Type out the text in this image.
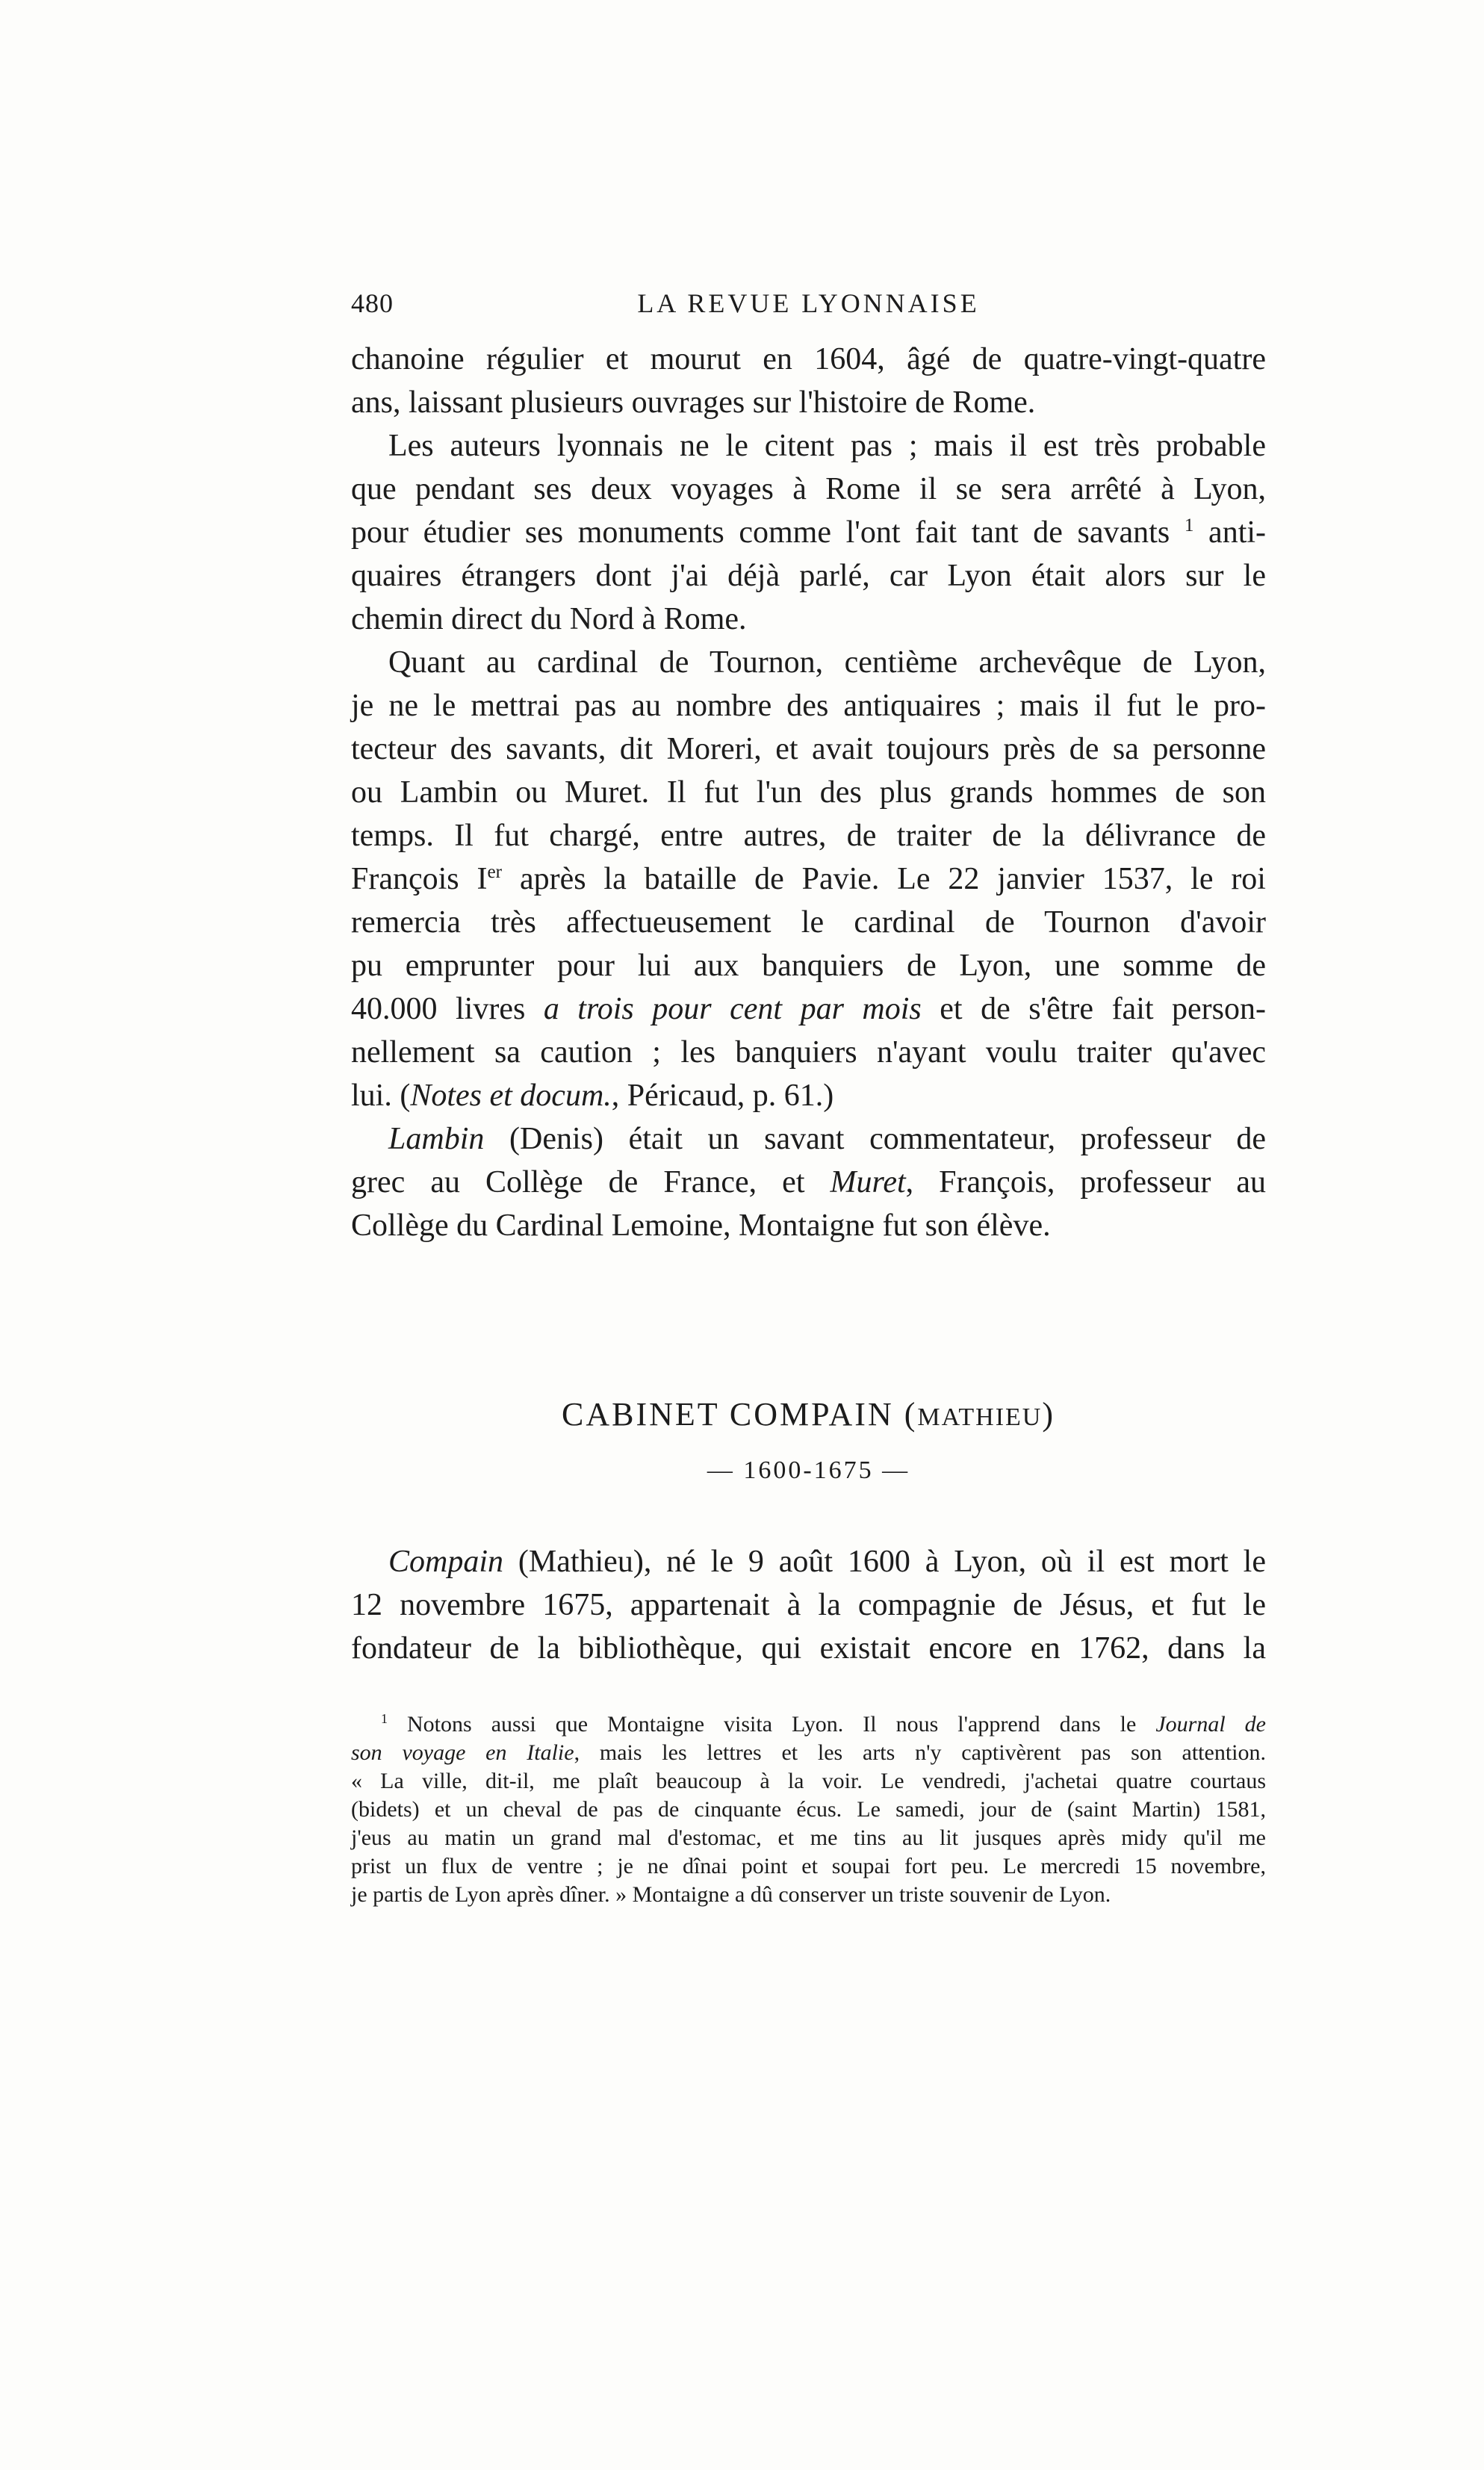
480	LA REVUE LYONNAISE
chanoine régulier et mourut en 1604, âgé de quatre-vingt-quatre
ans, laissant plusieurs ouvrages sur l'histoire de Rome.
Les auteurs lyonnais ne le citent pas ; mais il est très probable
que pendant ses deux voyages à Rome il se sera arrêté à Lyon,
pour étudier ses monuments comme l'ont fait tant de savants $^1$ anti-
quaires étrangers dont j'ai déjà parlé, car Lyon était alors sur le
chemin direct du Nord à Rome.
Quant au cardinal de Tournon, centième archevêque de Lyon,
je ne le mettrai pas au nombre des antiquaires ; mais il fut le pro-
tecteur des savants, dit Moreri, et avait toujours près de sa personne
ou Lambin ou Muret. Il fut l'un des plus grands hommes de son
temps. Il fut chargé, entre autres, de traiter de la délivrance de
François Ier après la bataille de Pavie. Le 22 janvier 1537, le roi
remercia très affectueusement le cardinal de Tournon d'avoir
pu emprunter pour lui aux banquiers de Lyon, une somme de
40.000 livres a trois pour cent par mois et de s'être fait person-
nellement sa caution ; les banquiers n'ayant voulu traiter qu'avec
lui. (Notes et docum., Péricaud, p. 61.)
Lambin (Denis) était un savant commentateur, professeur de
grec au Collège de France, et Muret, François, professeur au
Collège du Cardinal Lemoine, Montaigne fut son élève.
CABINET COMPAIN (MATHIEU)
— 1600-1675 —
Compain (Mathieu), né le 9 août 1600 à Lyon, où il est mort le
12 novembre 1675, appartenait à la compagnie de Jésus, et fut le
fondateur de la bibliothèque, qui existait encore en 1762, dans la
$^1$ Notons aussi que Montaigne visita Lyon. Il nous l'apprend dans le Journal de
son voyage en Italie, mais les lettres et les arts n'y captivèrent pas son attention.
« La ville, dit-il, me plaît beaucoup à la voir. Le vendredi, j'achetai quatre courtaus
(bidets) et un cheval de pas de cinquante écus. Le samedi, jour de (saint Martin) 1581,
j'eus au matin un grand mal d'estomac, et me tins au lit jusques après midy qu'il me
prist un flux de ventre ; je ne dînai point et soupai fort peu. Le mercredi 15 novembre,
je partis de Lyon après dîner. » Montaigne a dû conserver un triste souvenir de Lyon.
